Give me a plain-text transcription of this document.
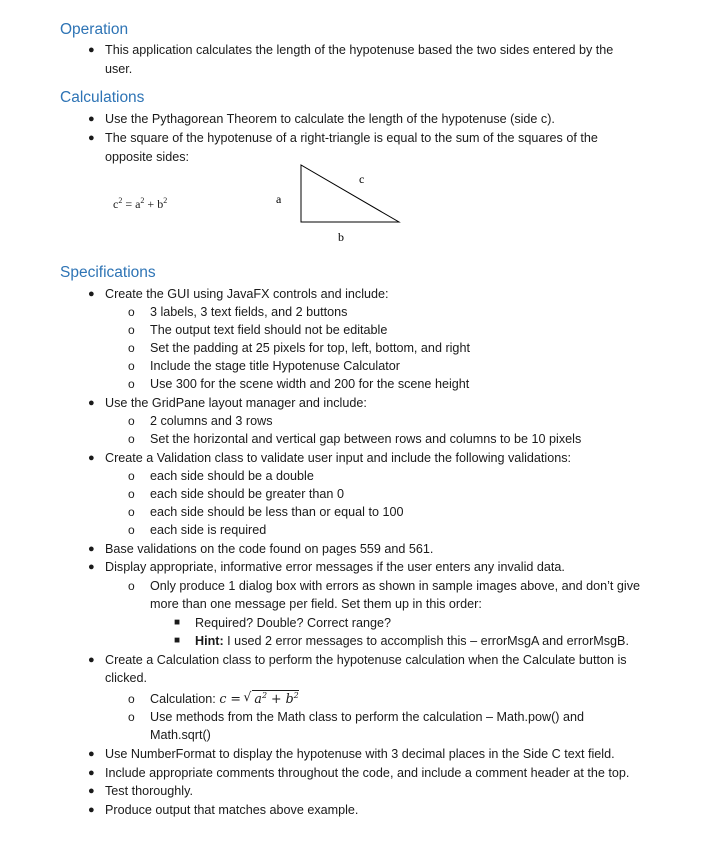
Operation
● This application calculates the length of the hypotenuse based the two sides entered by the
user.
Calculations
● Use the Pythagorean Theorem to calculate the length of the hypotenuse (side c).
● The square of the hypotenuse of a right-triangle is equal to the sum of the squares of the
opposite sides:
$c^2 = a^2 + b^2$	a
c
b
Specifications
● Create the GUI using JavaFX controls and include:
o 3 labels, 3 text fields, and 2 buttons
o The output text field should not be editable
o Set the padding at 25 pixels for top, left, bottom, and right
o Include the stage title Hypotenuse Calculator
o Use 300 for the scene width and 200 for the scene height
● Use the GridPane layout manager and include:
o 2 columns and 3 rows
o Set the horizontal and vertical gap between rows and columns to be 10 pixels
● Create a Validation class to validate user input and include the following validations:
o each side should be a double
o each side should be greater than 0
o each side should be less than or equal to 100
o each side is required
● Base validations on the code found on pages 559 and 561.
● Display appropriate, informative error messages if the user enters any invalid data.
o Only produce 1 dialog box with errors as shown in sample images above, and don’t give
more than one message per field. Set them up in this order:
■ Required? Double? Correct range?
■ Hint: I used 2 error messages to accomplish this – errorMsgA and errorMsgB.
● Create a Calculation class to perform the hypotenuse calculation when the Calculate button is
clicked.
o Calculation: c = √ $a^2 + b^2$
o Use methods from the Math class to perform the calculation – Math.pow() and
Math.sqrt()
● Use NumberFormat to display the hypotenuse with 3 decimal places in the Side C text field.
● Include appropriate comments throughout the code, and include a comment header at the top.
● Test thoroughly.
● Produce output that matches above example.
